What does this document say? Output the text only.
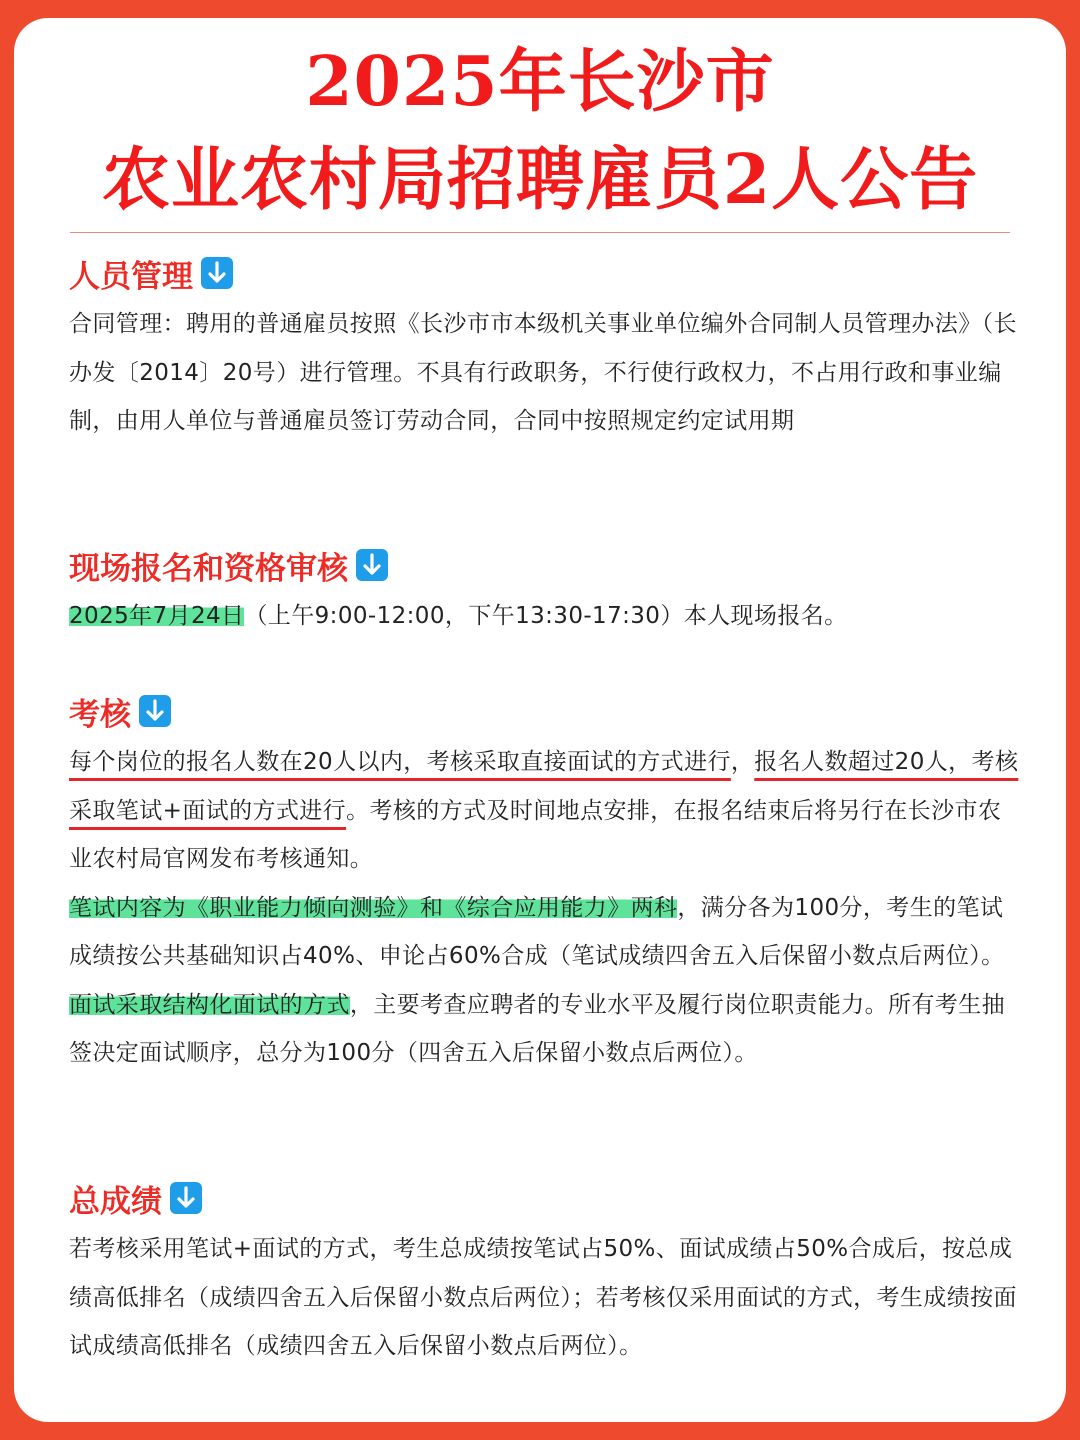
2025年长沙市
农业农村局招聘雇员2人公告
人员管理

合同管理：聘用的普通雇员按照《长沙市市本级机关事业单位编外合同制人员管理办法》（长办发〔2014〕20号）进行管理。不具有行政职务，不行使行政权力，不占用行政和事业编制，由用人单位与普通雇员签订劳动合同，合同中按照规定约定试用期

现场报名和资格审核

2025年7月24日（上午9:00-12:00，下午13:30-17:30）本人现场报名。

考核

每个岗位的报名人数在20人以内，考核采取直接面试的方式进行，报名人数超过20人，考核采取笔试+面试的方式进行。考核的方式及时间地点安排，在报名结束后将另行在长沙市农业农村局官网发布考核通知。

笔试内容为《职业能力倾向测验》和《综合应用能力》两科，满分各为100分，考生的笔试成绩按公共基础知识占40%、申论占60%合成（笔试成绩四舍五入后保留小数点后两位）。

面试采取结构化面试的方式，主要考查应聘者的专业水平及履行岗位职责能力。所有考生抽签决定面试顺序，总分为100分（四舍五入后保留小数点后两位）。

总成绩

若考核采用笔试+面试的方式，考生总成绩按笔试占50%、面试成绩占50%合成后，按总成绩高低排名（成绩四舍五入后保留小数点后两位）；若考核仅采用面试的方式，考生成绩按面试成绩高低排名（成绩四舍五入后保留小数点后两位）。
